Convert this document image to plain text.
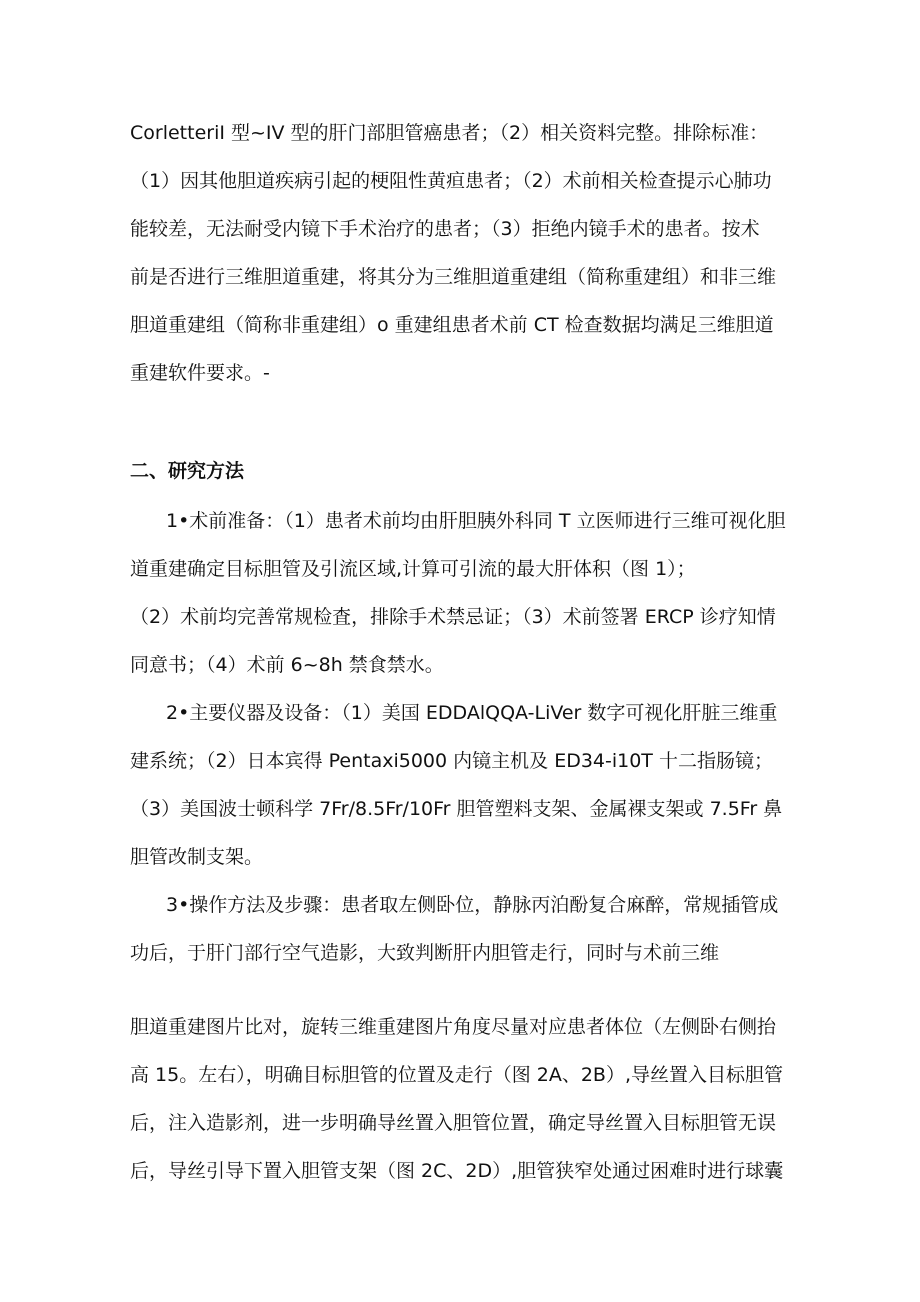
CorletteriI 型~IV 型的肝门部胆管癌患者；（2）相关资料完整。排除标准：
（1）因其他胆道疾病引起的梗阻性黄疸患者；（2）术前相关检查提示心肺功
能较差，无法耐受内镜下手术治疗的患者；（3）拒绝内镜手术的患者。按术
前是否进行三维胆道重建，将其分为三维胆道重建组（简称重建组）和非三维
胆道重建组（简称非重建组）o 重建组患者术前 CT 检查数据均满足三维胆道
重建软件要求。-
二、研究方法
1•术前准备：（1）患者术前均由肝胆胰外科同 T 立医师进行三维可视化胆
道重建确定目标胆管及引流区域,计算可引流的最大肝体积（图 1）；
（2）术前均完善常规检査，排除手术禁忌证；（3）术前签署 ERCP 诊疗知情
同意书；（4）术前 6~8h 禁食禁水。
2•主要仪器及设备：（1）美国 EDDAlQQA-LiVer 数字可视化肝脏三维重
建系统；（2）日本宾得 Pentaxi5000 内镜主机及 ED34-i10T 十二指肠镜；
（3）美国波士顿科学 7Fr/8.5Fr/10Fr 胆管塑料支架、金属裸支架或 7.5Fr 鼻
胆管改制支架。
3•操作方法及步骤：患者取左侧卧位，静脉丙泊酚复合麻醉，常规插管成
功后，于肝门部行空气造影，大致判断肝内胆管走行，同时与术前三维
胆道重建图片比对，旋转三维重建图片角度尽量对应患者体位（左侧卧右侧抬
高 15。左右），明确目标胆管的位置及走行（图 2A、2B）,导丝置入目标胆管
后，注入造影剂，进一步明确导丝置入胆管位置，确定导丝置入目标胆管无误
后，导丝引导下置入胆管支架（图 2C、2D）,胆管狭窄处通过困难时进行球囊
